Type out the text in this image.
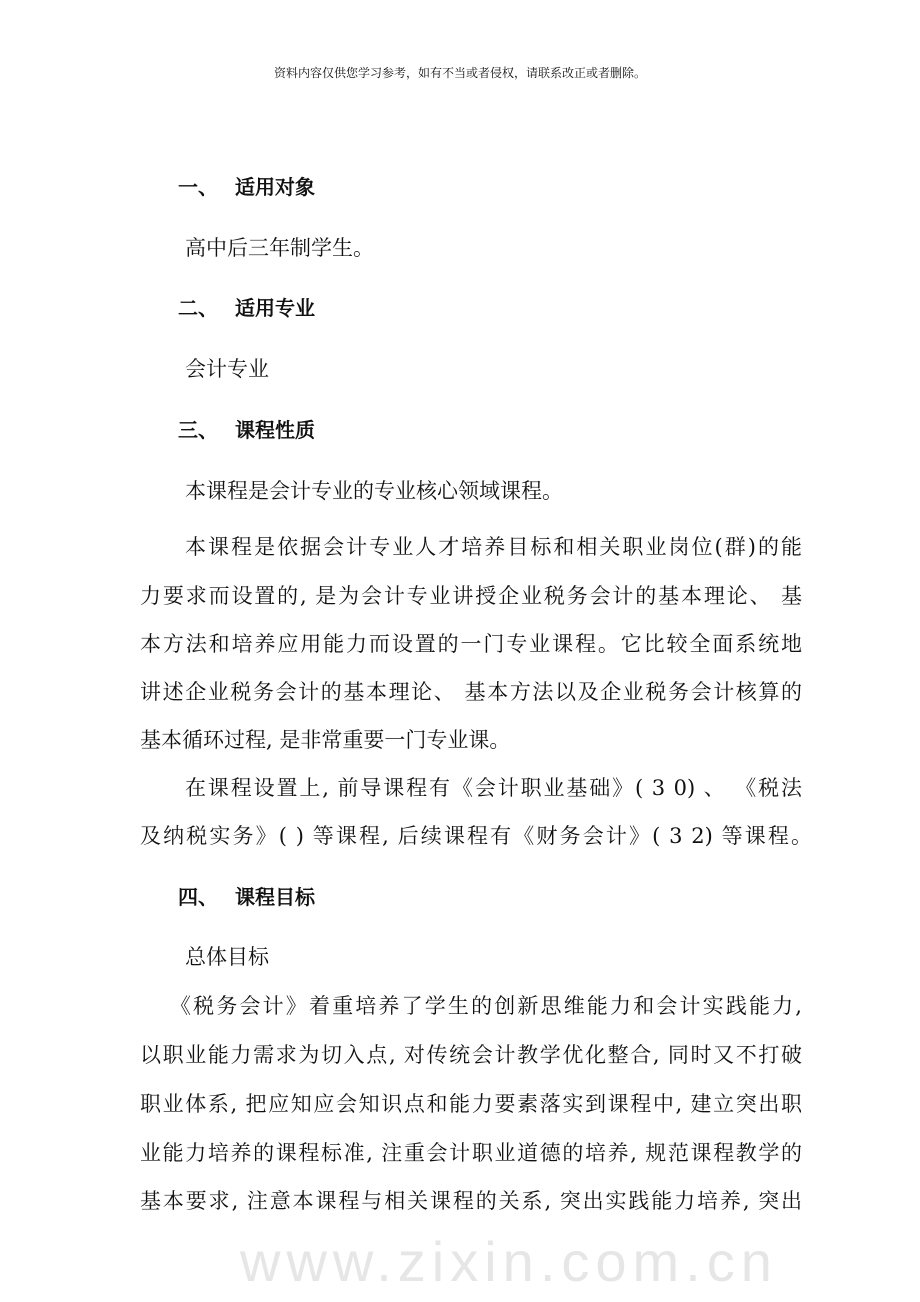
资料内容仅供您学习参考，如有不当或者侵权，请联系改正或者删除。
www.zixin.com.cn
一、 适用对象
高中后三年制学生。
二、 适用专业
会计专业
三、 课程性质
本课程是会计专业的专业核心领域课程。
本课程是依据会计专业人才培养目标和相关职业岗位(群)的能
力要求而设置的, 是为会计专业讲授企业税务会计的基本理论、 基
本方法和培养应用能力而设置的一门专业课程。它比较全面系统地
讲述企业税务会计的基本理论、 基本方法以及企业税务会计核算的
基本循环过程, 是非常重要一门专业课。
在课程设置上, 前导课程有《会计职业基础》( 3 0) 、 《税法
及纳税实务》( ) 等课程, 后续课程有《财务会计》( 3 2) 等课程。
四、 课程目标
总体目标
《税务会计》着重培养了学生的创新思维能力和会计实践能力,
以职业能力需求为切入点, 对传统会计教学优化整合, 同时又不打破
职业体系, 把应知应会知识点和能力要素落实到课程中, 建立突出职
业能力培养的课程标准, 注重会计职业道德的培养, 规范课程教学的
基本要求, 注意本课程与相关课程的关系, 突出实践能力培养, 突出
